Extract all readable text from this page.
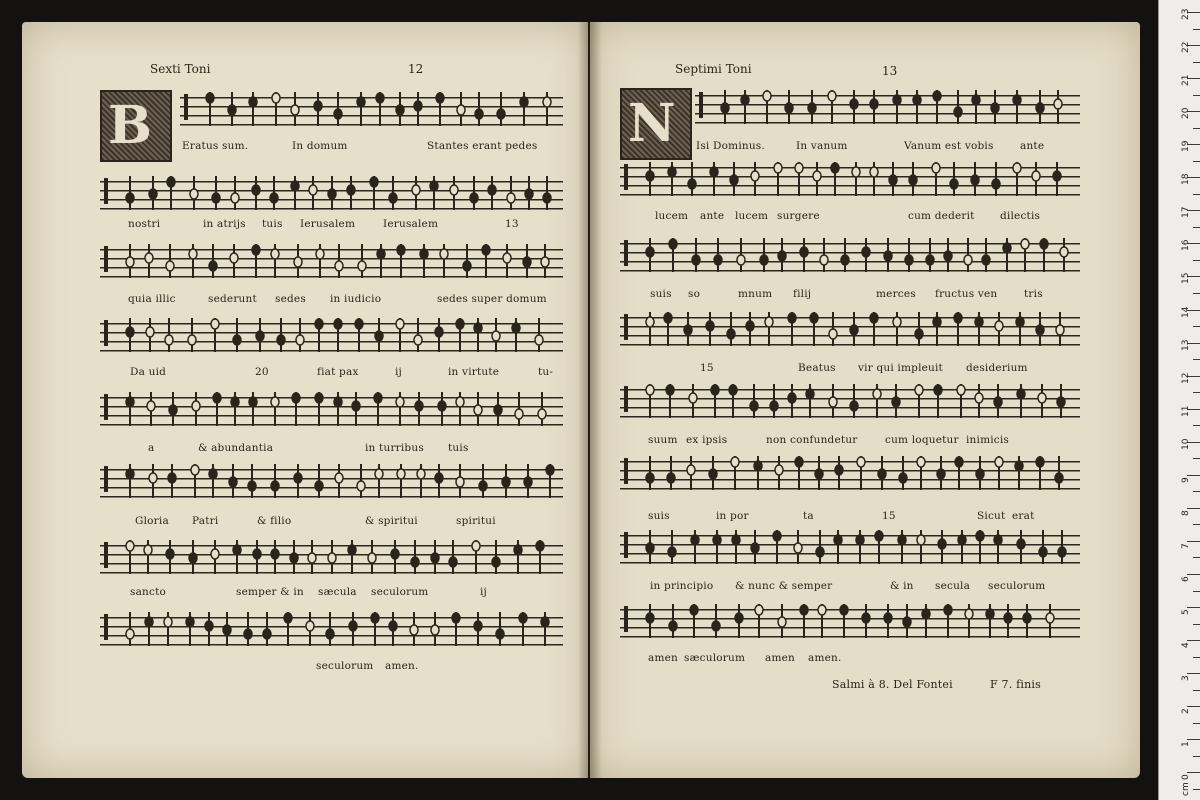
Sexti Toni	12
B	Eratus sum.	In domum	Stantes erant pedes
nostri	in atrijs tuis Ierusalem	Ierusalem	13
quia illic	sederunt sedes in iudicio	sedes super domum
Da uid	20	fiat pax	ij	in virtute	tu-
a	& abundantia	in turribus tuis
Gloria Patri	& filio	& spiritui	spiritui
sancto	semper & in sæcula seculorum	ij
seculorum amen.
Septimi Toni	13
N Isi Dominus.	In vanum	Vanum est vobis	ante
lucem ante lucem surgere	cum dederit dilectis
suis so	mnum filij	merces fructus ven	tris
15	Beatus vir qui impleuit desiderium
suum ex ipsis	non confundetur	cum loquetur inimicis
suis	in por	ta	15	Sicut erat
in principio & nunc & semper	& in secula seculorum
amen sæculorum amen amen.
Salmi à 8. Del Fontei	F 7. finis
23
22
21
20
19
18
17
16
15
14
13
12
11
10
9
8
7
6
5
4
3
2
1
0
cm
